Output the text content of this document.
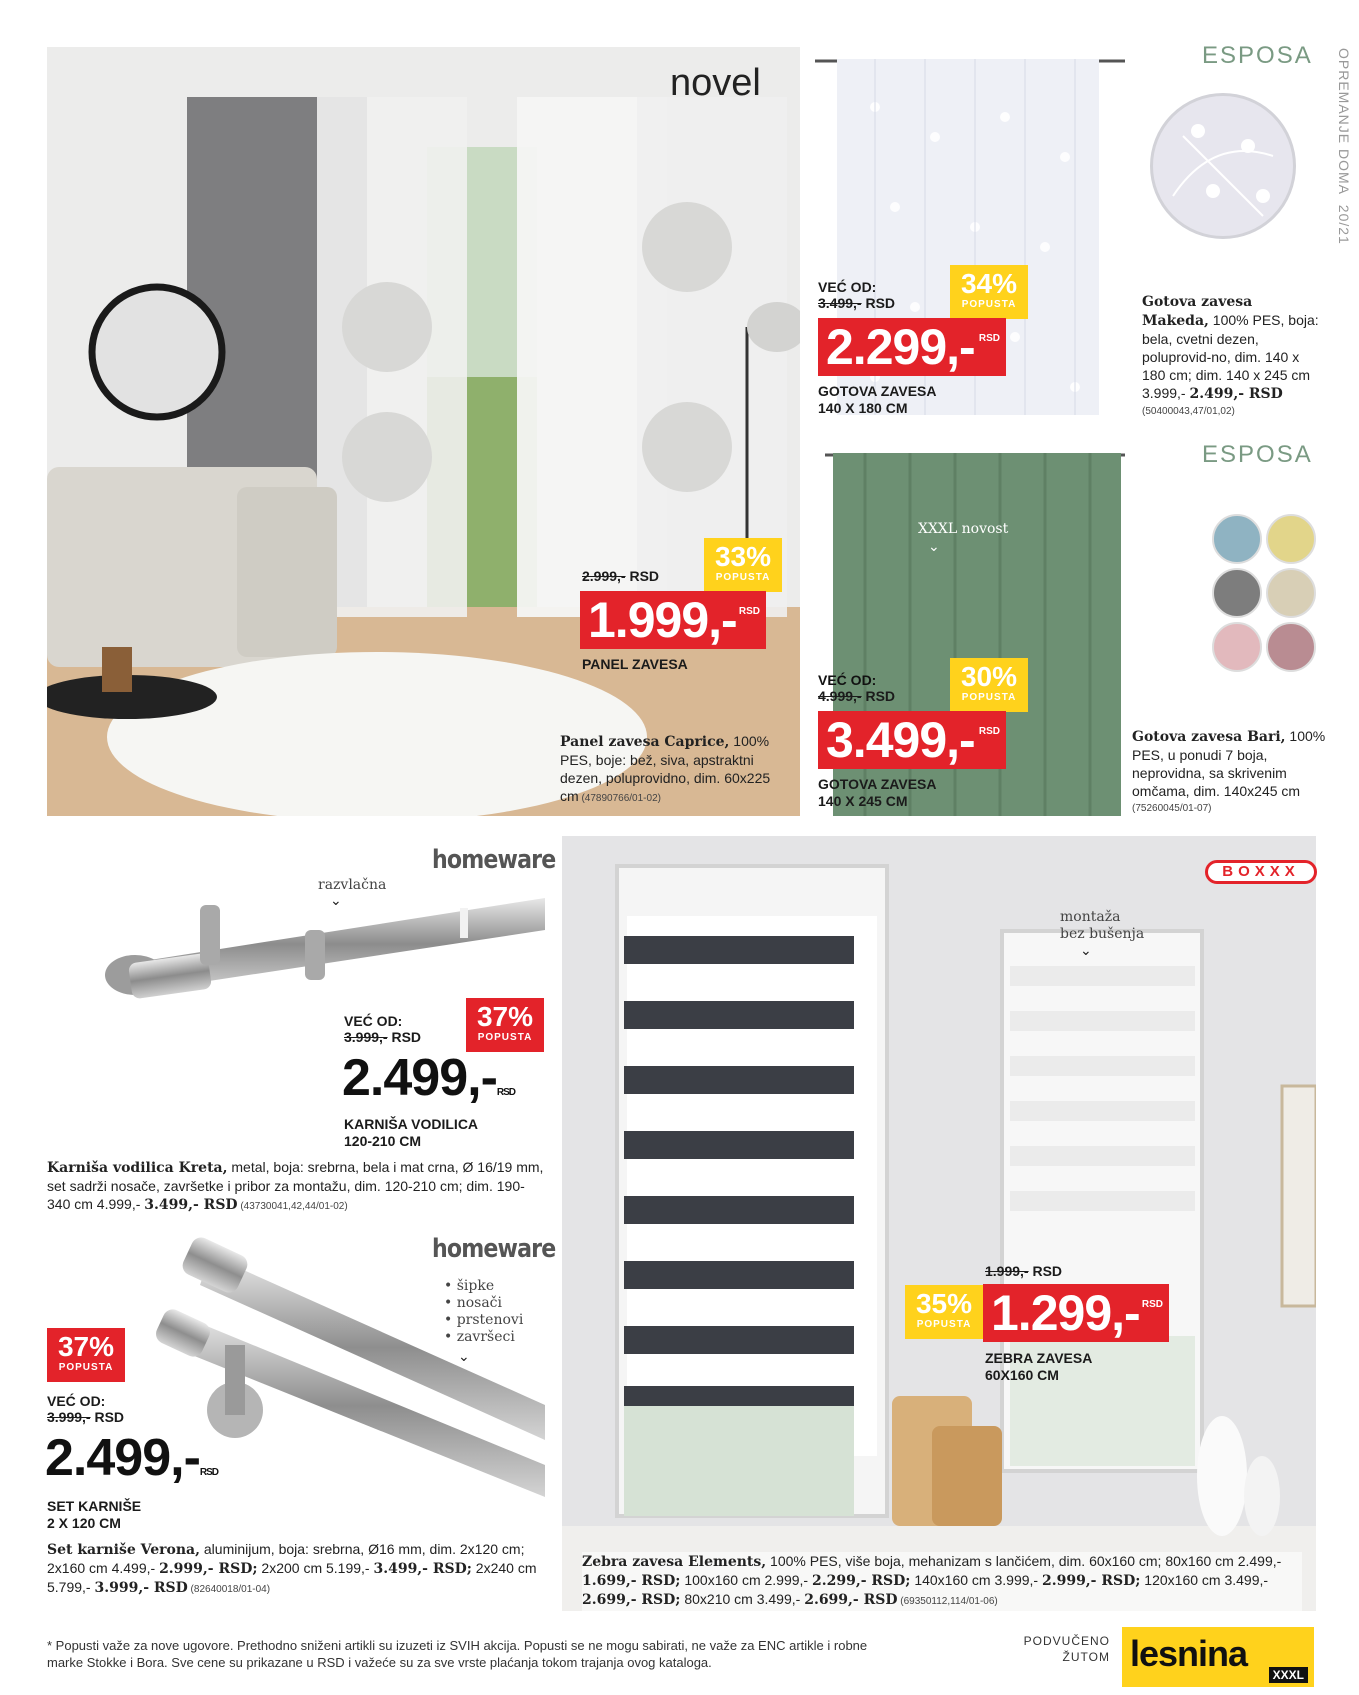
OPREMANJE DOMA  20/21
novel
2.999,- RSD
33%
POPUSTA
1.999,- RSD
PANEL ZAVESA
Panel zavesa Caprice, 100% PES, boje: bež, siva, apstraktni dezen, poluprovidno, dim. 60x225 cm (47890766/01-02)
ESPOSA
VEĆ OD:
3.499,- RSD
34%
POPUSTA
2.299,- RSD
GOTOVA ZAVESA
140 X 180 CM
Gotova zavesa Makeda, 100% PES, boja: bela, cvetni dezen, poluprovid-no, dim. 140 x 180 cm; dim. 140 x 245 cm 3.999,- 2.499,- RSD
(50400043,47/01,02)
ESPOSA
XXXL novost
⌄
VEĆ OD:
4.999,- RSD
30%
POPUSTA
3.499,- RSD
GOTOVA ZAVESA
140 X 245 CM
Gotova zavesa Bari, 100% PES, u ponudi 7 boja, neprovidna, sa skrivenim omčama, dim. 140x245 cm
(75260045/01-07)
homeware
razvlačna
⌄
VEĆ OD:
3.999,- RSD
37%
POPUSTA
2.499,-RSD
KARNIŠA VODILICA
120-210 CM
Karniša vodilica Kreta, metal, boja: srebrna, bela i mat crna, Ø 16/19 mm, set sadrži nosače, završetke i pribor za montažu, dim. 120-210 cm; dim. 190-340 cm 4.999,- 3.499,- RSD (43730041,42,44/01-02)
homeware
• šipke
• nosači
• prstenovi
• završeci
⌄
37%
POPUSTA
VEĆ OD:
3.999,- RSD
2.499,-RSD
SET KARNIŠE
2 X 120 CM
Set karniše Verona, aluminijum, boja: srebrna, Ø16 mm, dim. 2x120 cm; 2x160 cm 4.499,- 2.999,- RSD; 2x200 cm 5.199,- 3.499,- RSD; 2x240 cm 5.799,- 3.999,- RSD (82640018/01-04)
BOXXX
montaža
bez bušenja
⌄
1.999,- RSD
35%
POPUSTA 1.299,- RSD
ZEBRA ZAVESA
60X160 CM
Zebra zavesa Elements, 100% PES, više boja, mehanizam s lančićem, dim. 60x160 cm; 80x160 cm 2.499,- 1.699,- RSD; 100x160 cm 2.999,- 2.299,- RSD; 140x160 cm 3.999,- 2.999,- RSD; 120x160 cm 3.499,- 2.699,- RSD; 80x210 cm 3.499,- 2.699,- RSD (69350112,114/01-06)
* Popusti važe za nove ugovore. Prethodno sniženi artikli su izuzeti iz SVIH akcija. Popusti se ne mogu sabirati, ne važe za ENC artikle i robne marke Stokke i Bora. Sve cene su prikazane u RSD i važeće su za sve vrste plaćanja tokom trajanja ovog kataloga.
PODVUČENO
ŽUTOM lesnina
XXXL
